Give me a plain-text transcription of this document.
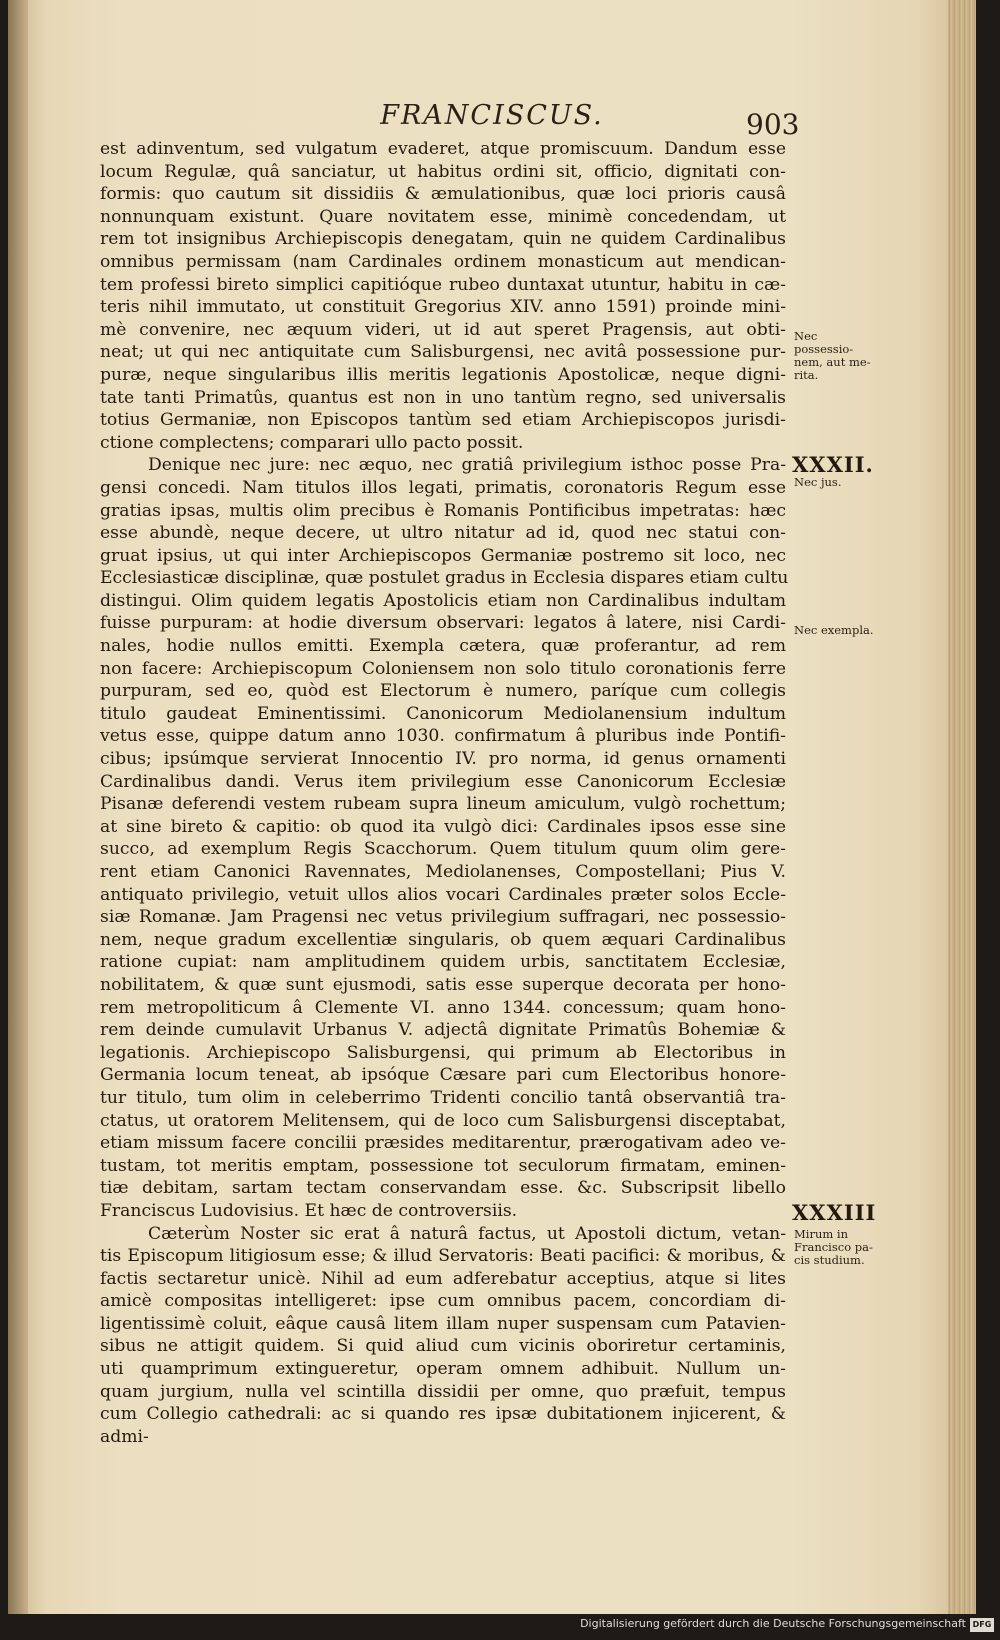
FRANCISCUS.	903
est adinventum, sed vulgatum evaderet, atque promiscuum. Dandum esse
locum Regulæ, quâ sanciatur, ut habitus ordini sit, officio, dignitati con-
formis: quo cautum sit dissidiis & æmulationibus, quæ loci prioris causâ
nonnunquam existunt. Quare novitatem esse, minimè concedendam, ut
rem tot insignibus Archiepiscopis denegatam, quin ne quidem Cardinalibus
omnibus permissam (nam Cardinales ordinem monasticum aut mendican-
tem professi bireto simplici capitióque rubeo duntaxat utuntur, habitu in cæ-
teris nihil immutato, ut constituit Gregorius XIV. anno 1591) proinde mini-
mè convenire, nec æquum videri, ut id aut speret Pragensis, aut obti-
neat; ut qui nec antiquitate cum Salisburgensi, nec avitâ possessione pur-
puræ, neque singularibus illis meritis legationis Apostolicæ, neque digni-
tate tanti Primatûs, quantus est non in uno tantùm regno, sed universalis
totius Germaniæ, non Episcopos tantùm sed etiam Archiepiscopos jurisdi-
ctione complectens; comparari ullo pacto possit.
Denique nec jure: nec æquo, nec gratiâ privilegium isthoc posse Pra-
gensi concedi. Nam titulos illos legati, primatis, coronatoris Regum esse
gratias ipsas, multis olim precibus è Romanis Pontificibus impetratas: hæc
esse abundè, neque decere, ut ultro nitatur ad id, quod nec statui con-
gruat ipsius, ut qui inter Archiepiscopos Germaniæ postremo sit loco, nec
Ecclesiasticæ disciplinæ, quæ postulet gradus in Ecclesia dispares etiam cultu
distingui. Olim quidem legatis Apostolicis etiam non Cardinalibus indultam
fuisse purpuram: at hodie diversum observari: legatos â latere, nisi Cardi-
nales, hodie nullos emitti. Exempla cætera, quæ proferantur, ad rem
non facere: Archiepiscopum Coloniensem non solo titulo coronationis ferre
purpuram, sed eo, quòd est Electorum è numero, paríque cum collegis
titulo gaudeat Eminentissimi. Canonicorum Mediolanensium indultum
vetus esse, quippe datum anno 1030. confirmatum â pluribus inde Pontifi-
cibus; ipsúmque servierat Innocentio IV. pro norma, id genus ornamenti
Cardinalibus dandi. Verus item privilegium esse Canonicorum Ecclesiæ
Pisanæ deferendi vestem rubeam supra lineum amiculum, vulgò rochettum;
at sine bireto & capitio: ob quod ita vulgò dici: Cardinales ipsos esse sine
succo, ad exemplum Regis Scacchorum. Quem titulum quum olim gere-
rent etiam Canonici Ravennates, Mediolanenses, Compostellani; Pius V.
antiquato privilegio, vetuit ullos alios vocari Cardinales præter solos Eccle-
siæ Romanæ. Jam Pragensi nec vetus privilegium suffragari, nec possessio-
nem, neque gradum excellentiæ singularis, ob quem æquari Cardinalibus
ratione cupiat: nam amplitudinem quidem urbis, sanctitatem Ecclesiæ,
nobilitatem, & quæ sunt ejusmodi, satis esse superque decorata per hono-
rem metropoliticum â Clemente VI. anno 1344. concessum; quam hono-
rem deinde cumulavit Urbanus V. adjectâ dignitate Primatûs Bohemiæ &
legationis. Archiepiscopo Salisburgensi, qui primum ab Electoribus in
Germania locum teneat, ab ipsóque Cæsare pari cum Electoribus honore-
tur titulo, tum olim in celeberrimo Tridenti concilio tantâ observantiâ tra-
ctatus, ut oratorem Melitensem, qui de loco cum Salisburgensi disceptabat,
etiam missum facere concilii præsides meditarentur, prærogativam adeo ve-
tustam, tot meritis emptam, possessione tot seculorum firmatam, eminen-
tiæ debitam, sartam tectam conservandam esse. &c. Subscripsit libello
Franciscus Ludovisius. Et hæc de controversiis.
Cæterùm Noster sic erat â naturâ factus, ut Apostoli dictum, vetan-
tis Episcopum litigiosum esse; & illud Servatoris: Beati pacifici: & moribus, &
factis sectaretur unicè. Nihil ad eum adferebatur acceptius, atque si lites
amicè compositas intelligeret: ipse cum omnibus pacem, concordiam di-
ligentissimè coluit, eâque causâ litem illam nuper suspensam cum Patavien-
sibus ne attigit quidem. Si quid aliud cum vicinis oboriretur certaminis,
uti quamprimum extingueretur, operam omnem adhibuit. Nullum un-
quam jurgium, nulla vel scintilla dissidii per omne, quo præfuit, tempus
cum Collegio cathedrali: ac si quando res ipsæ dubitationem injicerent, &
admi-
Nec possessio-nem, aut me-rita.
XXXII.
Nec jus.
Nec exempla.
XXXIII
Mirum in Francisco pa-cis studium.
Digitalisierung gefördert durch die Deutsche Forschungsgemeinschaft DFG
